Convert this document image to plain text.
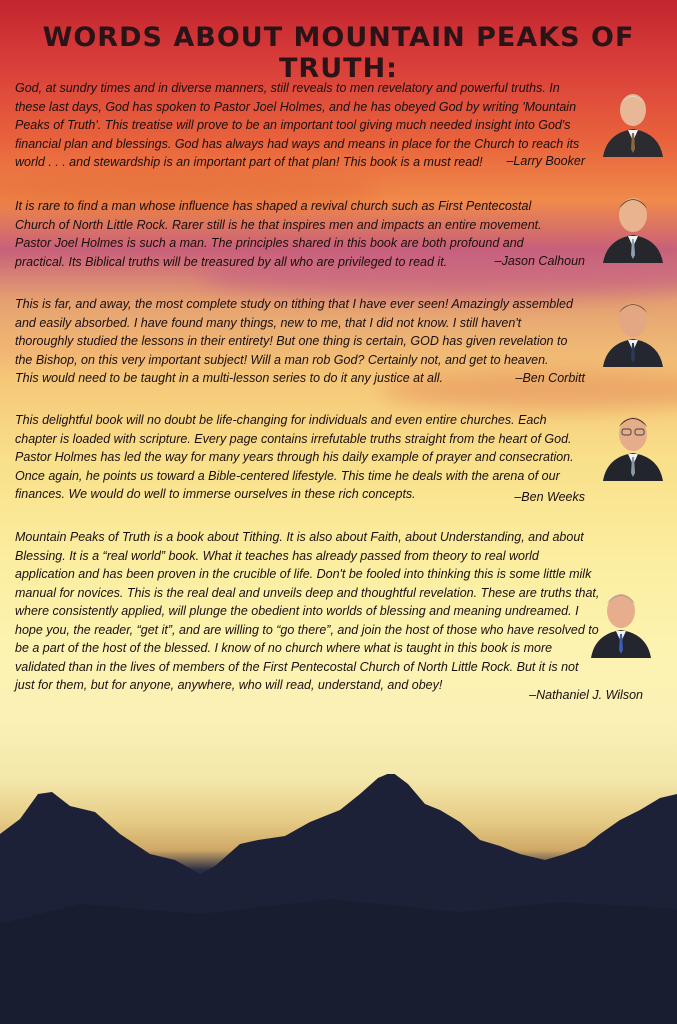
WORDS ABOUT MOUNTAIN PEAKS OF TRUTH:

God, at sundry times and in diverse manners, still reveals to men revelatory and powerful truths. In these last days, God has spoken to Pastor Joel Holmes, and he has obeyed God by writing 'Mountain Peaks of Truth'. This treatise will prove to be an important tool giving much needed insight into God's financial plan and blessings. God has always had ways and means in place for the Church to reach its world . . . and stewardship is an important part of that plan! This book is a must read!	–Larry Booker

It is rare to find a man whose influence has shaped a revival church such as First Pentecostal Church of North Little Rock. Rarer still is he that inspires men and impacts an entire movement. Pastor Joel Holmes is such a man. The principles shared in this book are both profound and practical. Its Biblical truths will be treasured by all who are privileged to read it.	–Jason Calhoun

This is far, and away, the most complete study on tithing that I have ever seen! Amazingly assembled and easily absorbed. I have found many things, new to me, that I did not know. I still haven't thoroughly studied the lessons in their entirety! But one thing is certain, GOD has given revelation to the Bishop, on this very important subject! Will a man rob God? Certainly not, and get to heaven. This would need to be taught in a multi-lesson series to do it any justice at all.	–Ben Corbitt

This delightful book will no doubt be life-changing for individuals and even entire churches. Each chapter is loaded with scripture. Every page contains irrefutable truths straight from the heart of God. Pastor Holmes has led the way for many years through his daily example of prayer and consecration. Once again, he points us toward a Bible-centered lifestyle. This time he deals with the arena of our finances. We would do well to immerse ourselves in these rich concepts.	–Ben Weeks

Mountain Peaks of Truth is a book about Tithing. It is also about Faith, about Understanding, and about Blessing. It is a “real world” book. What it teaches has already passed from theory to real world application and has been proven in the crucible of life. Don't be fooled into thinking this is some little milk manual for novices. This is the real deal and unveils deep and thoughtful revelation. These are truths that, where consistently applied, will plunge the obedient into worlds of blessing and meaning undreamed. I hope you, the reader, “get it”, and are willing to “go there”, and join the host of those who have resolved to be a part of the host of the blessed. I know of no church where what is taught in this book is more validated than in the lives of members of the First Pentecostal Church of North Little Rock. But it is not just for them, but for anyone, anywhere, who will read, understand, and obey!

–Nathaniel J. Wilson
